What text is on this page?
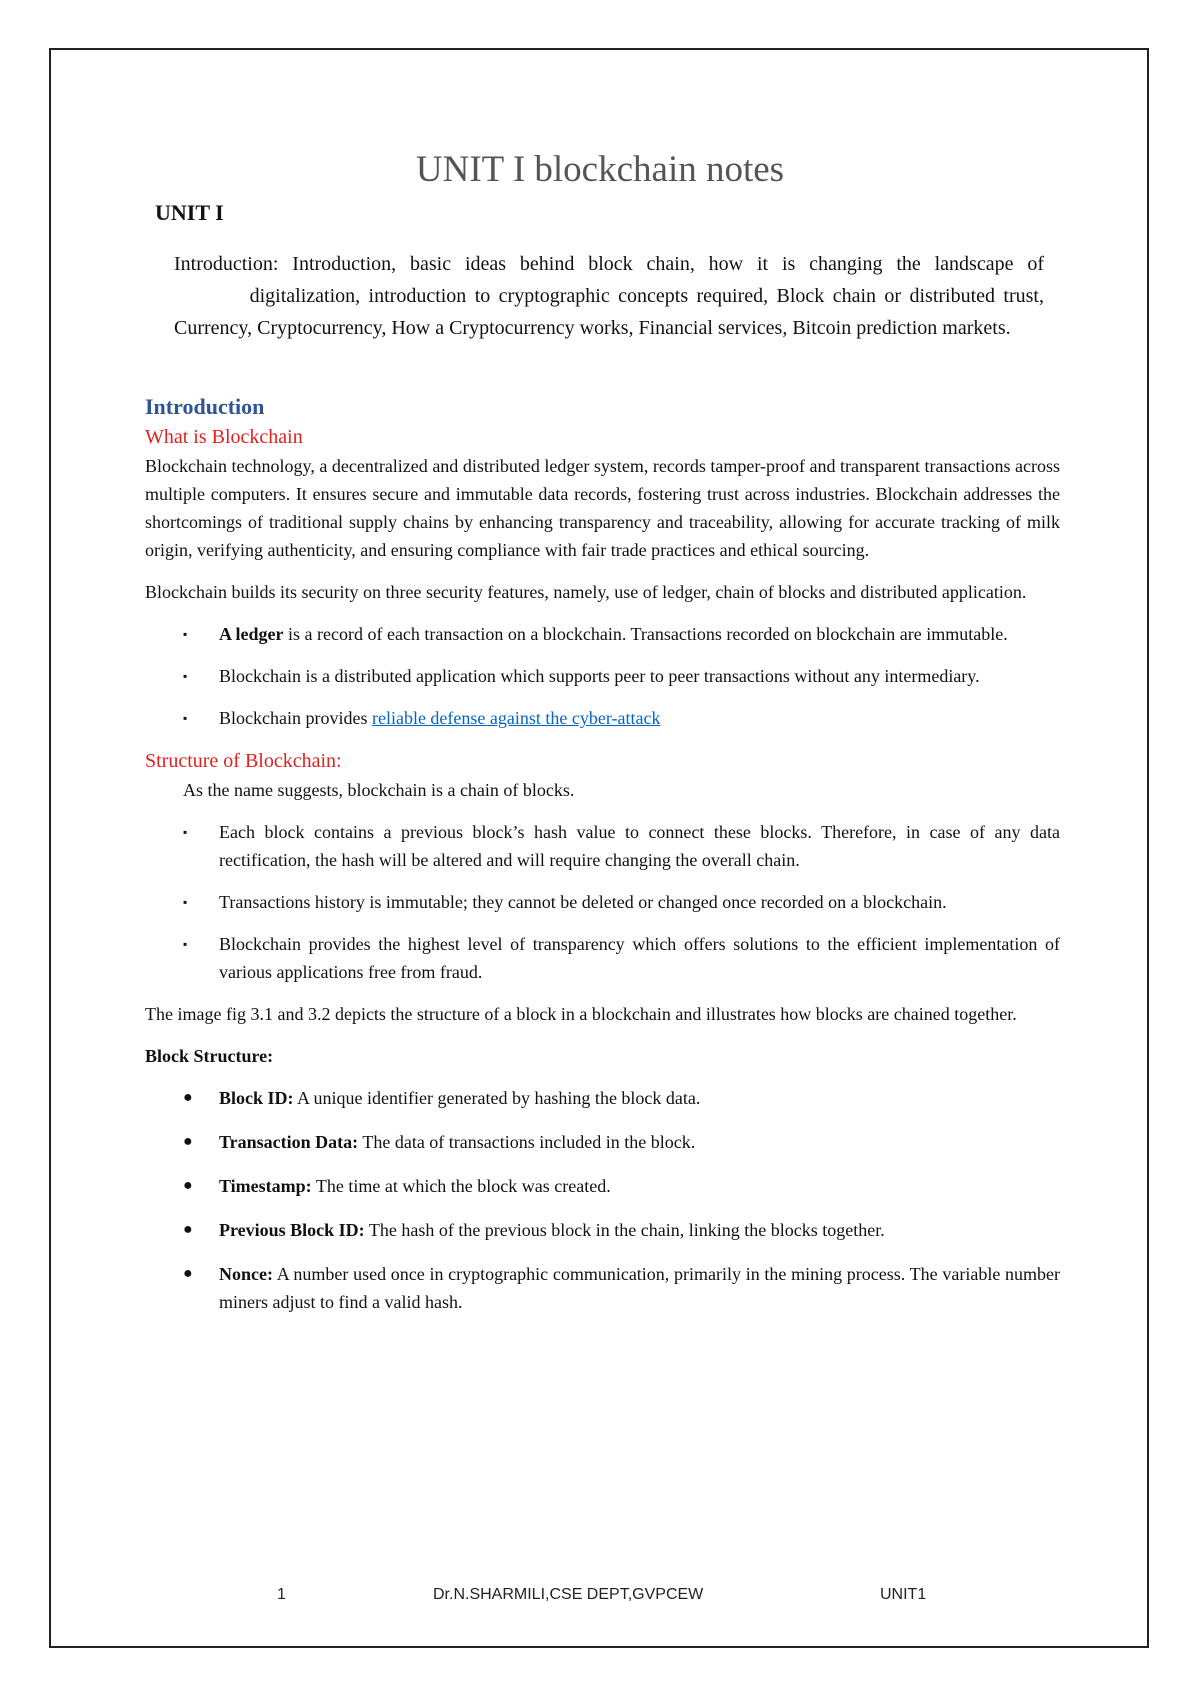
UNIT I blockchain notes

UNIT I

Introduction: Introduction, basic ideas behind block chain, how it is changing the landscape of          digitalization, introduction to cryptographic concepts required, Block chain or distributed trust, Currency, Cryptocurrency, How a Cryptocurrency works, Financial services, Bitcoin prediction markets.

Introduction

What is Blockchain

Blockchain technology, a decentralized and distributed ledger system, records tamper-proof and transparent transactions across multiple computers. It ensures secure and immutable data records, fostering trust across industries. Blockchain addresses the shortcomings of traditional supply chains by enhancing transparency and traceability, allowing for accurate tracking of milk origin, verifying authenticity, and ensuring compliance with fair trade practices and ethical sourcing.

Blockchain builds its security on three security features, namely, use of ledger, chain of blocks and distributed application.

▪ A ledger is a record of each transaction on a blockchain. Transactions recorded on blockchain are immutable.
▪ Blockchain is a distributed application which supports peer to peer transactions without any intermediary.
▪ Blockchain provides reliable defense against the cyber-attack

Structure of Blockchain:

As the name suggests, blockchain is a chain of blocks.

▪ Each block contains a previous block’s hash value to connect these blocks. Therefore, in case of any data rectification, the hash will be altered and will require changing the overall chain.
▪ Transactions history is immutable; they cannot be deleted or changed once recorded on a blockchain.
▪ Blockchain provides the highest level of transparency which offers solutions to the efficient implementation of various applications free from fraud.

The image fig 3.1 and 3.2 depicts the structure of a block in a blockchain and illustrates how blocks are chained together.

Block Structure:

● Block ID: A unique identifier generated by hashing the block data.
● Transaction Data: The data of transactions included in the block.
● Timestamp: The time at which the block was created.
● Previous Block ID: The hash of the previous block in the chain, linking the blocks together.
● Nonce: A number used once in cryptographic communication, primarily in the mining process. The variable number miners adjust to find a valid hash.
1	Dr.N.SHARMILI,CSE DEPT,GVPCEW	UNIT1
